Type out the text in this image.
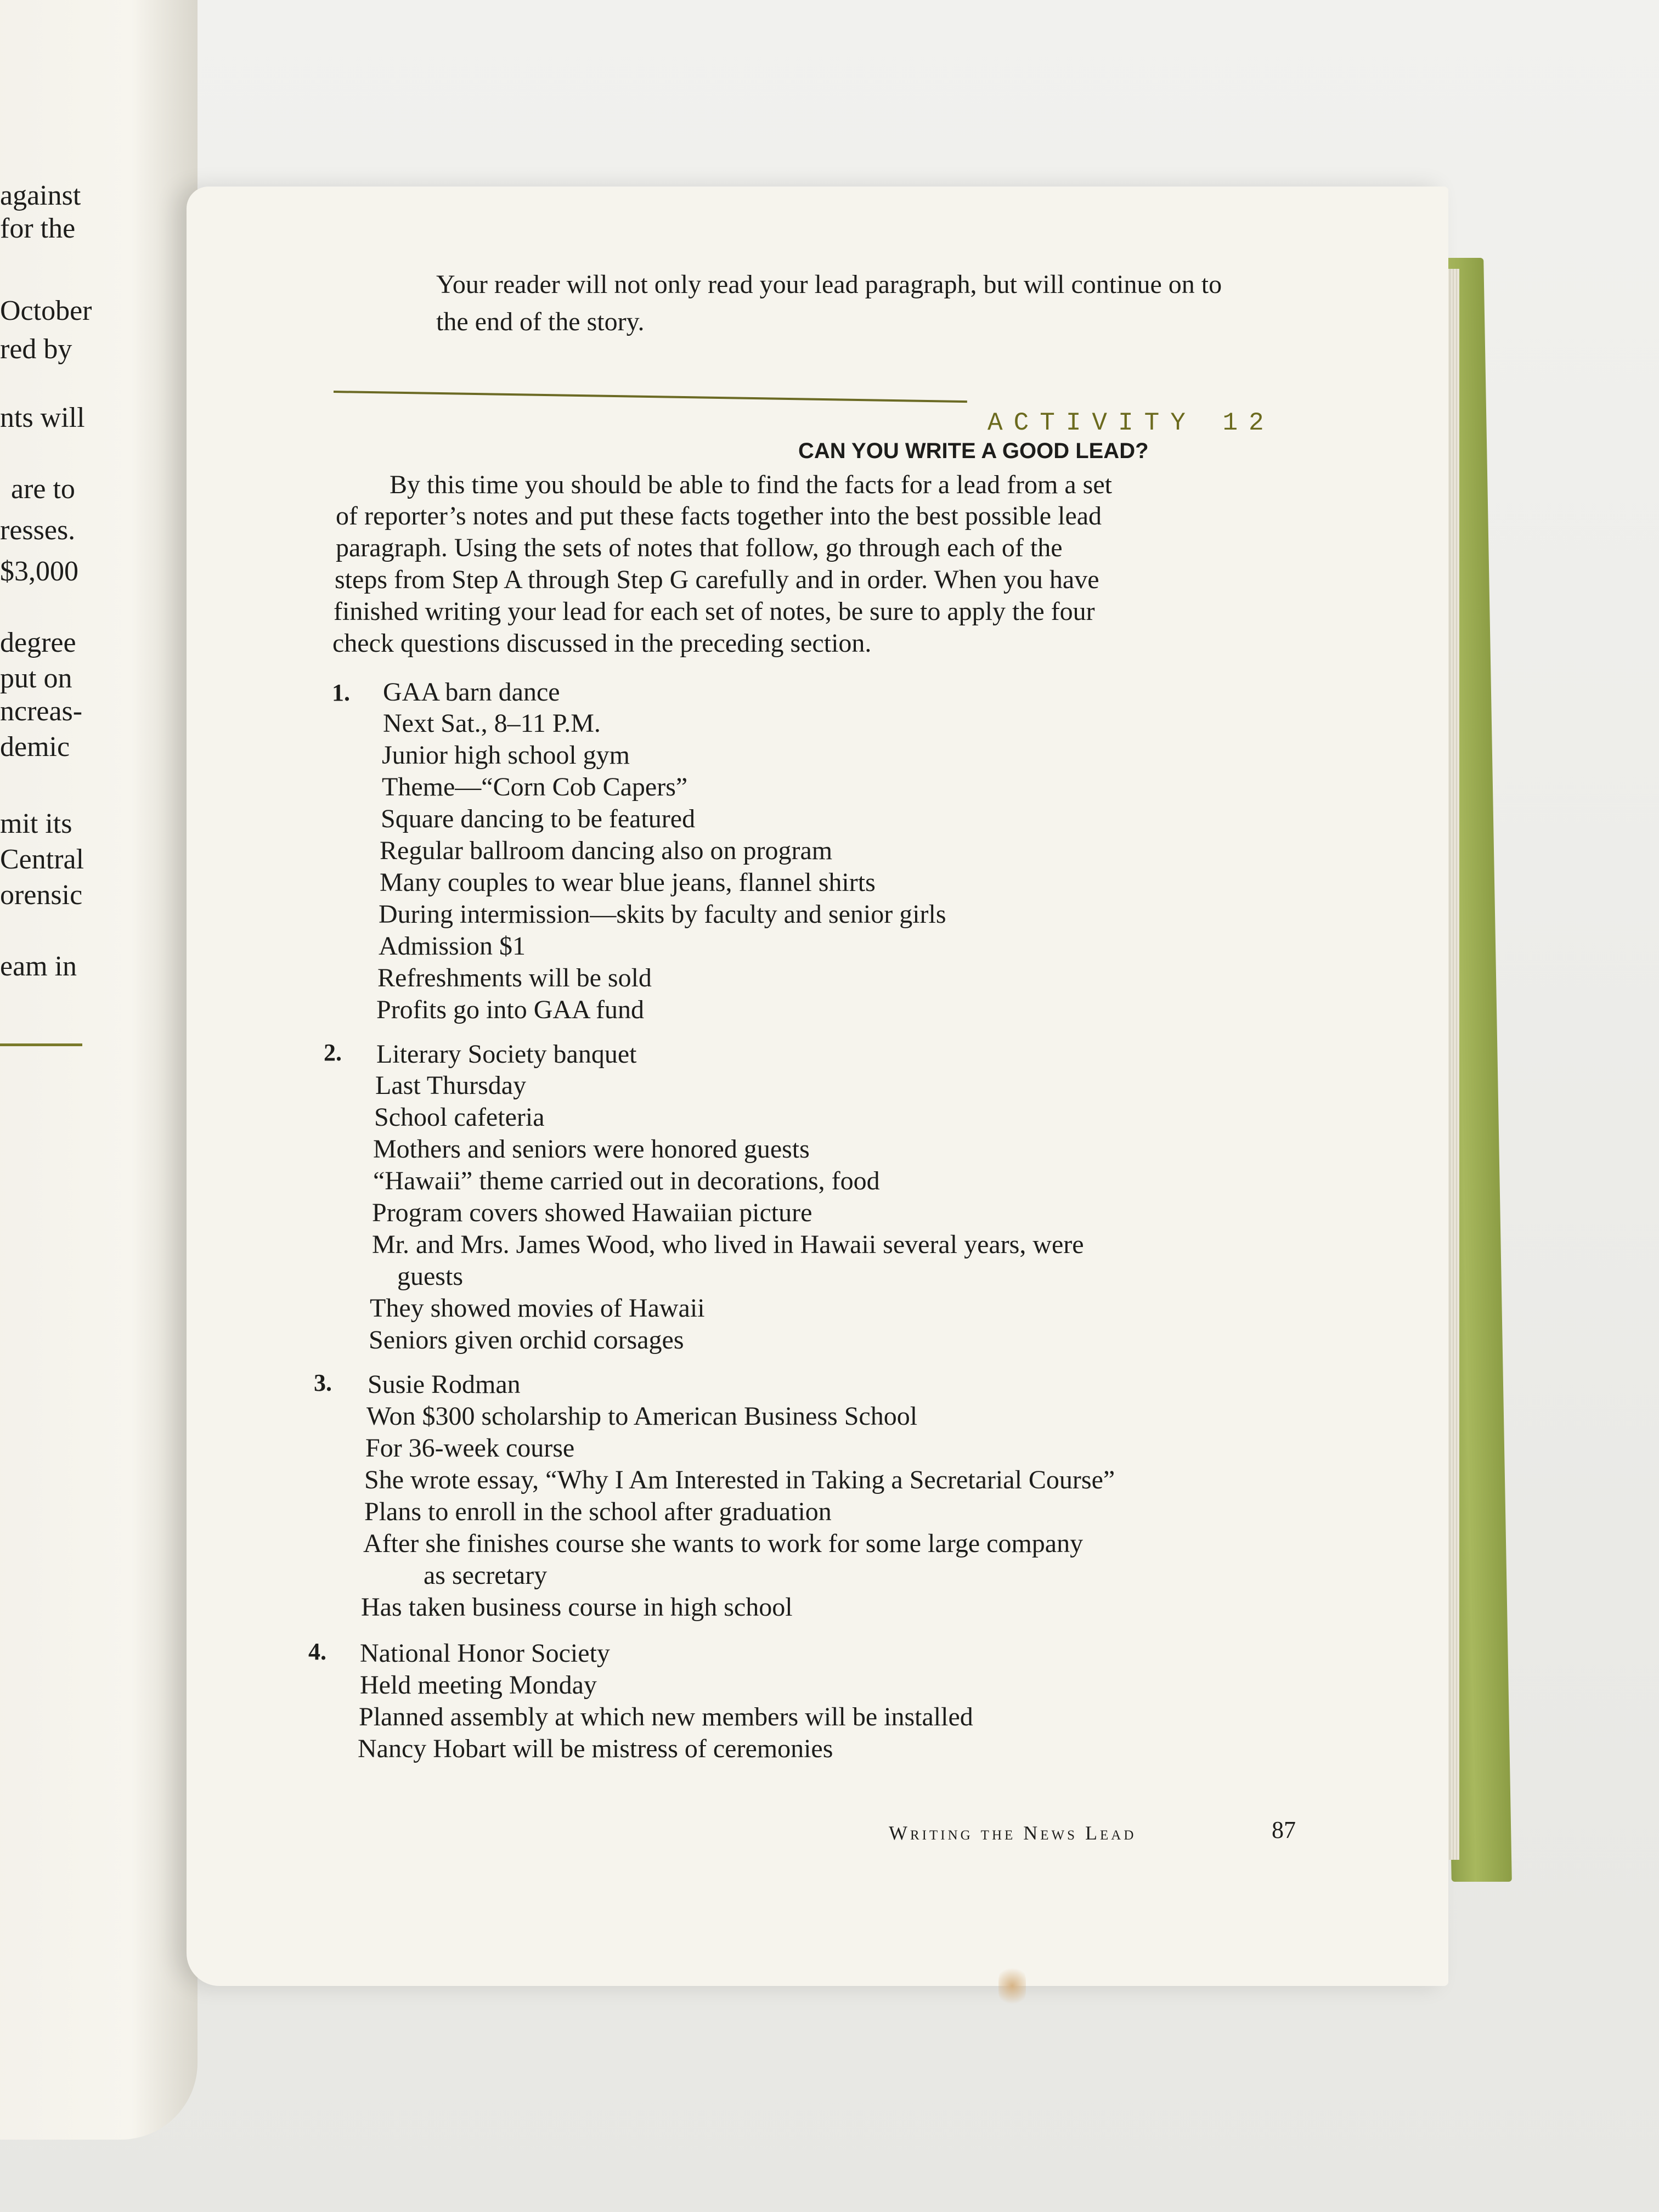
against
for the
October
red by
nts will
are to
resses.
$3,000
degree
put on
ncreas-
demic
mit its
Central
orensic
eam in
Your reader will not only read your lead paragraph, but will continue on to
the end of the story.
ACTIVITY 12
CAN YOU WRITE A GOOD LEAD?
By this time you should be able to find the facts for a lead from a set
of reporter’s notes and put these facts together into the best possible lead
paragraph. Using the sets of notes that follow, go through each of the
steps from Step A through Step G carefully and in order. When you have
finished writing your lead for each set of notes, be sure to apply the four
check questions discussed in the preceding section.
1. GAA barn dance
Next Sat., 8–11 P.M.
Junior high school gym
Theme—“Corn Cob Capers”
Square dancing to be featured
Regular ballroom dancing also on program
Many couples to wear blue jeans, flannel shirts
During intermission—skits by faculty and senior girls
Admission $1
Refreshments will be sold
Profits go into GAA fund
2. Literary Society banquet
Last Thursday
School cafeteria
Mothers and seniors were honored guests
“Hawaii” theme carried out in decorations, food
Program covers showed Hawaiian picture
Mr. and Mrs. James Wood, who lived in Hawaii several years, were
guests
They showed movies of Hawaii
Seniors given orchid corsages
3. Susie Rodman
Won $300 scholarship to American Business School
For 36-week course
She wrote essay, “Why I Am Interested in Taking a Secretarial Course”
Plans to enroll in the school after graduation
After she finishes course she wants to work for some large company
as secretary
Has taken business course in high school
4. National Honor Society
Held meeting Monday
Planned assembly at which new members will be installed
Nancy Hobart will be mistress of ceremonies
Writing the News Lead	87
